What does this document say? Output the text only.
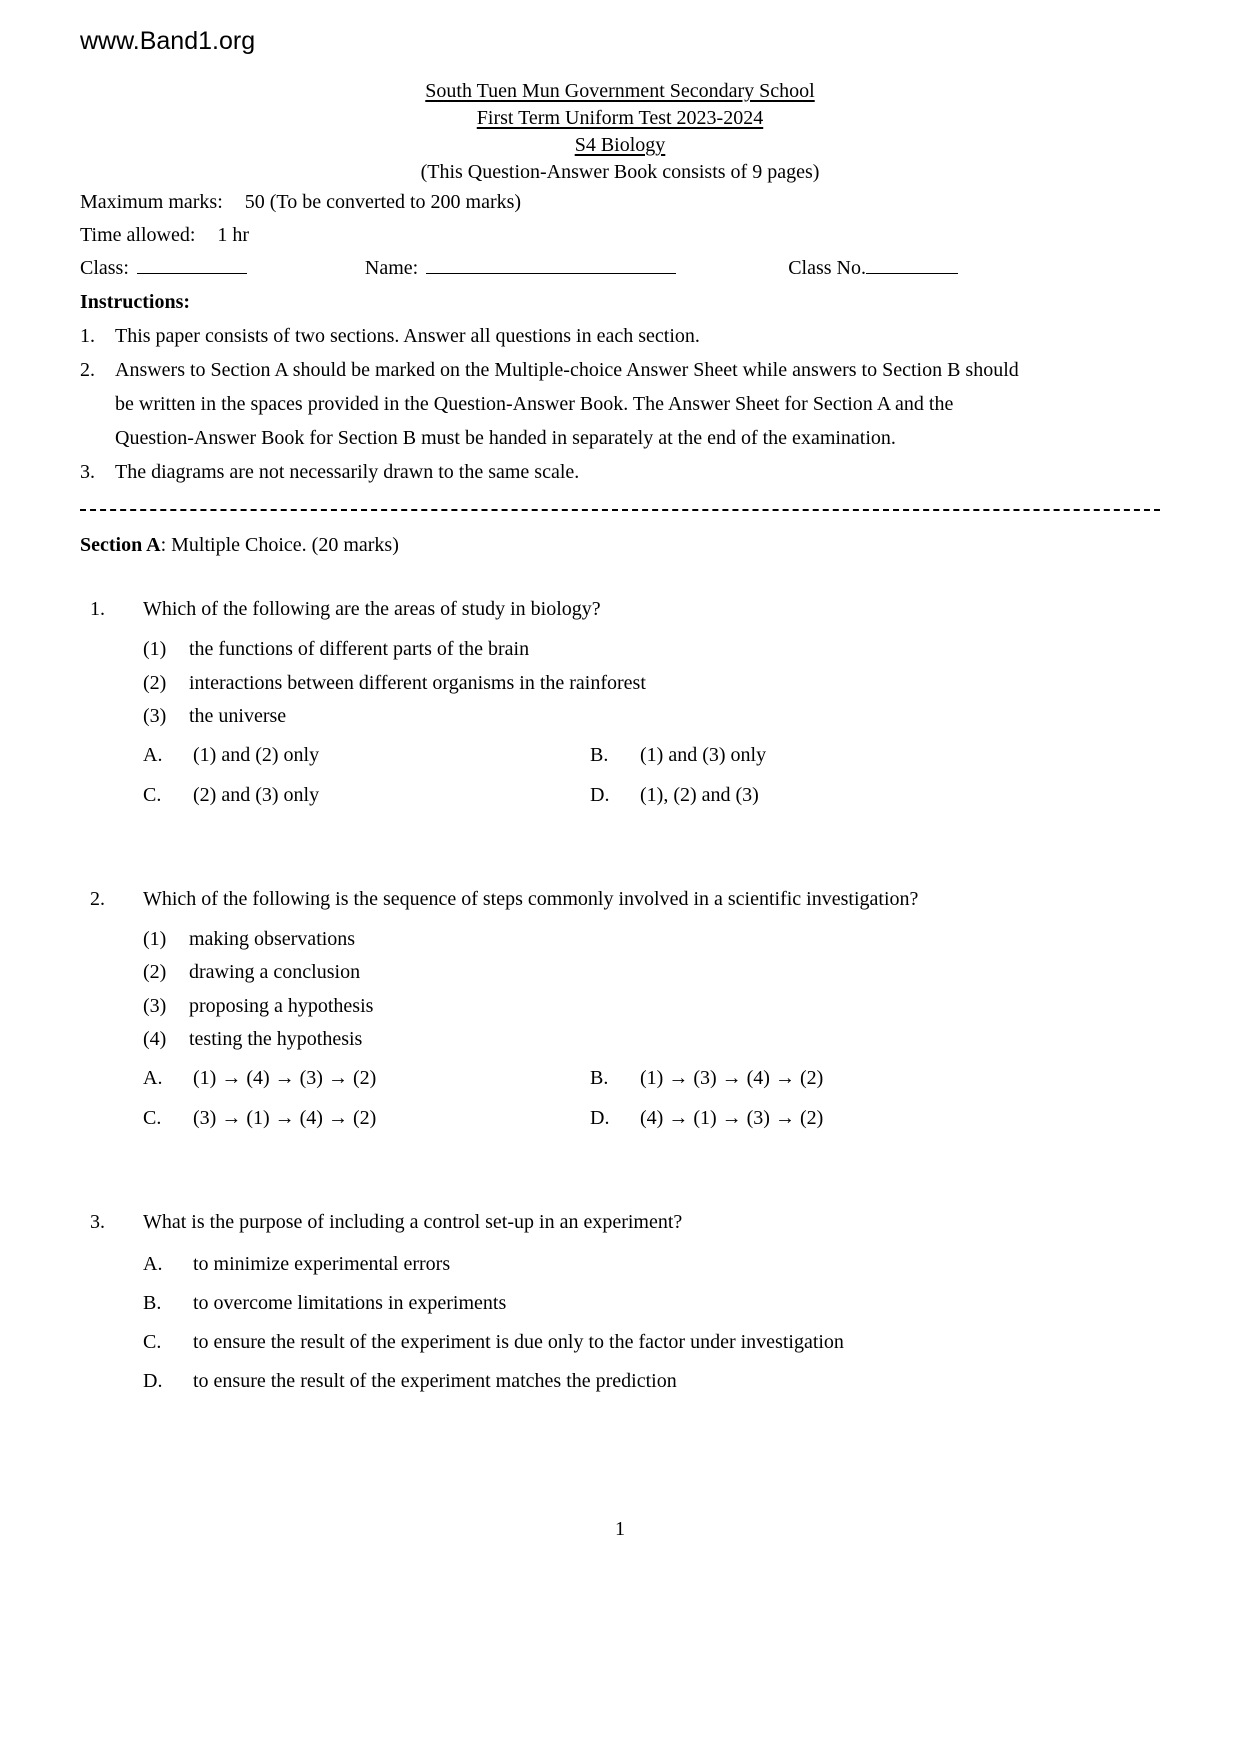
www.Band1.org
South Tuen Mun Government Secondary School
First Term Uniform Test 2023-2024
S4 Biology
(This Question-Answer Book consists of 9 pages)
Maximum marks: 50 (To be converted to 200 marks)
Time allowed: 1 hr
Class:	Name:	Class No.
Instructions:
1.	This paper consists of two sections. Answer all questions in each section.
2.	Answers to Section A should be marked on the Multiple-choice Answer Sheet while answers to Section B should be written in the spaces provided in the Question-Answer Book. The Answer Sheet for Section A and the Question-Answer Book for Section B must be handed in separately at the end of the examination.
3.	The diagrams are not necessarily drawn to the same scale.
Section A: Multiple Choice. (20 marks)
1.	Which of the following are the areas of study in biology?
(1)	the functions of different parts of the brain
(2)	interactions between different organisms in the rainforest
(3)	the universe
A.	(1) and (2) only	B.	(1) and (3) only
C.	(2) and (3) only	D.	(1), (2) and (3)
2.	Which of the following is the sequence of steps commonly involved in a scientific investigation?
(1)	making observations
(2)	drawing a conclusion
(3)	proposing a hypothesis
(4)	testing the hypothesis
A.	(1) → (4) → (3) → (2)	B.	(1) → (3) → (4) → (2)
C.	(3) → (1) → (4) → (2)	D.	(4) → (1) → (3) → (2)
3.	What is the purpose of including a control set-up in an experiment?
A.	to minimize experimental errors
B.	to overcome limitations in experiments
C.	to ensure the result of the experiment is due only to the factor under investigation
D.	to ensure the result of the experiment matches the prediction
1
